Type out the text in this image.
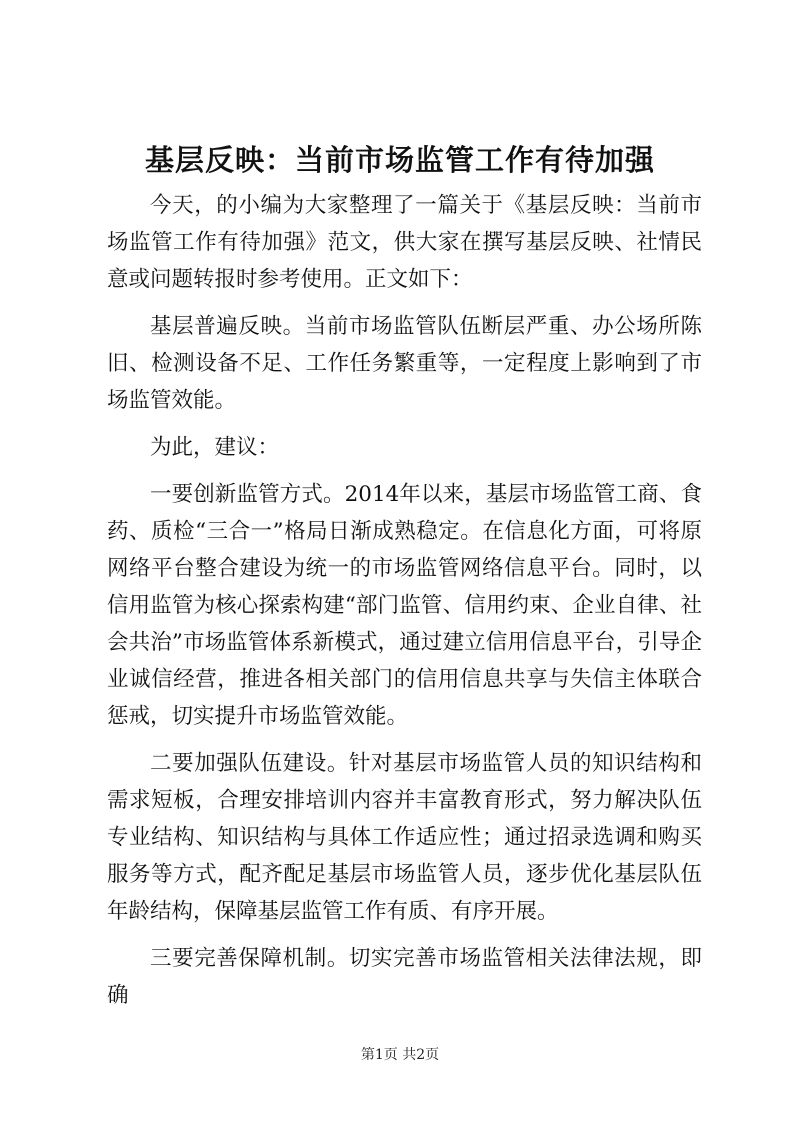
基层反映：当前市场监管工作有待加强

今天，的小编为大家整理了一篇关于《基层反映：当前市场监管工作有待加强》范文，供大家在撰写基层反映、社情民意或问题转报时参考使用。正文如下：

基层普遍反映。当前市场监管队伍断层严重、办公场所陈旧、检测设备不足、工作任务繁重等，一定程度上影响到了市场监管效能。

为此，建议：

一要创新监管方式。2014年以来，基层市场监管工商、食药、质检“三合一”格局日渐成熟稳定。在信息化方面，可将原网络平台整合建设为统一的市场监管网络信息平台。同时，以信用监管为核心探索构建“部门监管、信用约束、企业自律、社会共治”市场监管体系新模式，通过建立信用信息平台，引导企业诚信经营，推进各相关部门的信用信息共享与失信主体联合惩戒，切实提升市场监管效能。

二要加强队伍建设。针对基层市场监管人员的知识结构和需求短板，合理安排培训内容并丰富教育形式，努力解决队伍专业结构、知识结构与具体工作适应性；通过招录选调和购买服务等方式，配齐配足基层市场监管人员，逐步优化基层队伍年龄结构，保障基层监管工作有质、有序开展。

三要完善保障机制。切实完善市场监管相关法律法规，即确

第1页 共2页
